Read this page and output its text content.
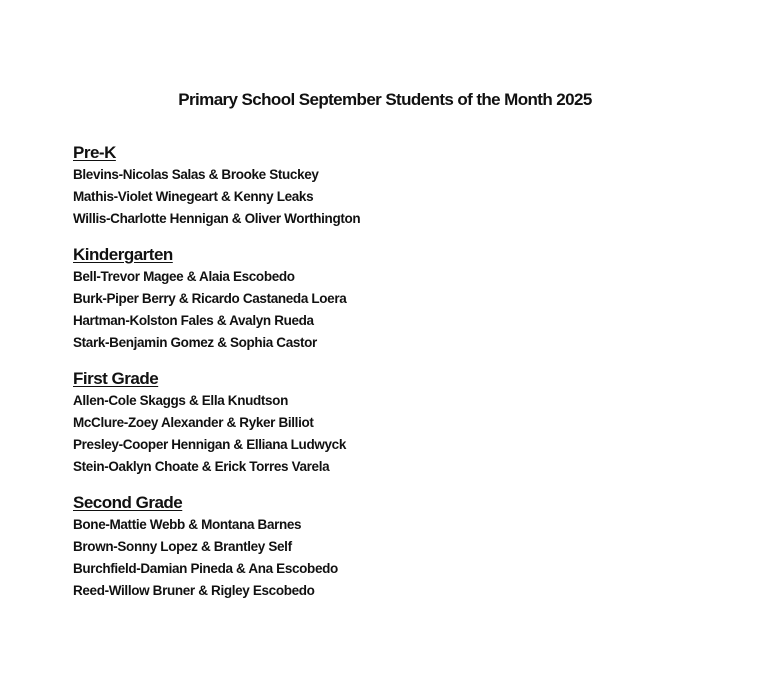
Primary School September Students of the Month 2025
Pre-K
Blevins-Nicolas Salas & Brooke Stuckey
Mathis-Violet Winegeart & Kenny Leaks
Willis-Charlotte Hennigan & Oliver Worthington
Kindergarten
Bell-Trevor Magee & Alaia Escobedo
Burk-Piper Berry & Ricardo Castaneda Loera
Hartman-Kolston Fales & Avalyn Rueda
Stark-Benjamin Gomez & Sophia Castor
First Grade
Allen-Cole Skaggs & Ella Knudtson
McClure-Zoey Alexander & Ryker Billiot
Presley-Cooper Hennigan & Elliana Ludwyck
Stein-Oaklyn Choate & Erick Torres Varela
Second Grade
Bone-Mattie Webb & Montana Barnes
Brown-Sonny Lopez & Brantley Self
Burchfield-Damian Pineda & Ana Escobedo
Reed-Willow Bruner & Rigley Escobedo
